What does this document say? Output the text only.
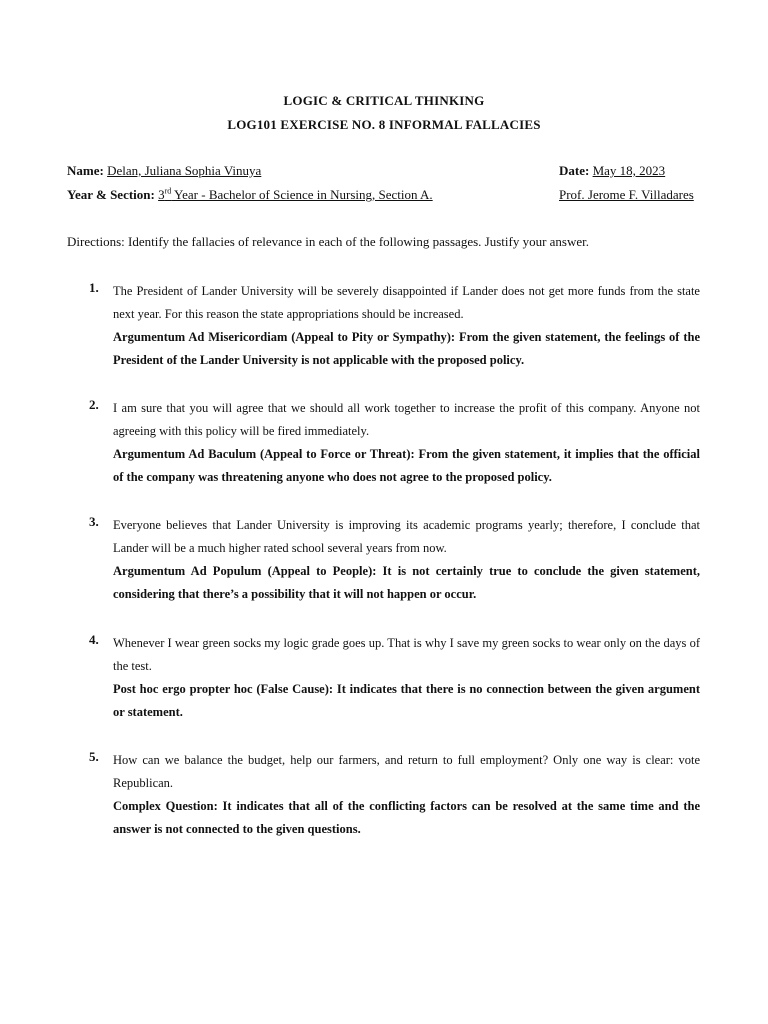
LOGIC & CRITICAL THINKING
LOG101 EXERCISE NO. 8 INFORMAL FALLACIES
Name: Delan, Juliana Sophia Vinuya	Date: May 18, 2023
Year & Section: 3rd Year - Bachelor of Science in Nursing, Section A.	Prof. Jerome F. Villadares
Directions: Identify the fallacies of relevance in each of the following passages. Justify your answer.
1. The President of Lander University will be severely disappointed if Lander does not get more funds from the state next year. For this reason the state appropriations should be increased.
Argumentum Ad Misericordiam (Appeal to Pity or Sympathy): From the given statement, the feelings of the President of the Lander University is not applicable with the proposed policy.
2. I am sure that you will agree that we should all work together to increase the profit of this company. Anyone not agreeing with this policy will be fired immediately.
Argumentum Ad Baculum (Appeal to Force or Threat): From the given statement, it implies that the official of the company was threatening anyone who does not agree to the proposed policy.
3. Everyone believes that Lander University is improving its academic programs yearly; therefore, I conclude that Lander will be a much higher rated school several years from now.
Argumentum Ad Populum (Appeal to People): It is not certainly true to conclude the given statement, considering that there’s a possibility that it will not happen or occur.
4. Whenever I wear green socks my logic grade goes up. That is why I save my green socks to wear only on the days of the test.
Post hoc ergo propter hoc (False Cause): It indicates that there is no connection between the given argument or statement.
5. How can we balance the budget, help our farmers, and return to full employment? Only one way is clear: vote Republican.
Complex Question: It indicates that all of the conflicting factors can be resolved at the same time and the answer is not connected to the given questions.
